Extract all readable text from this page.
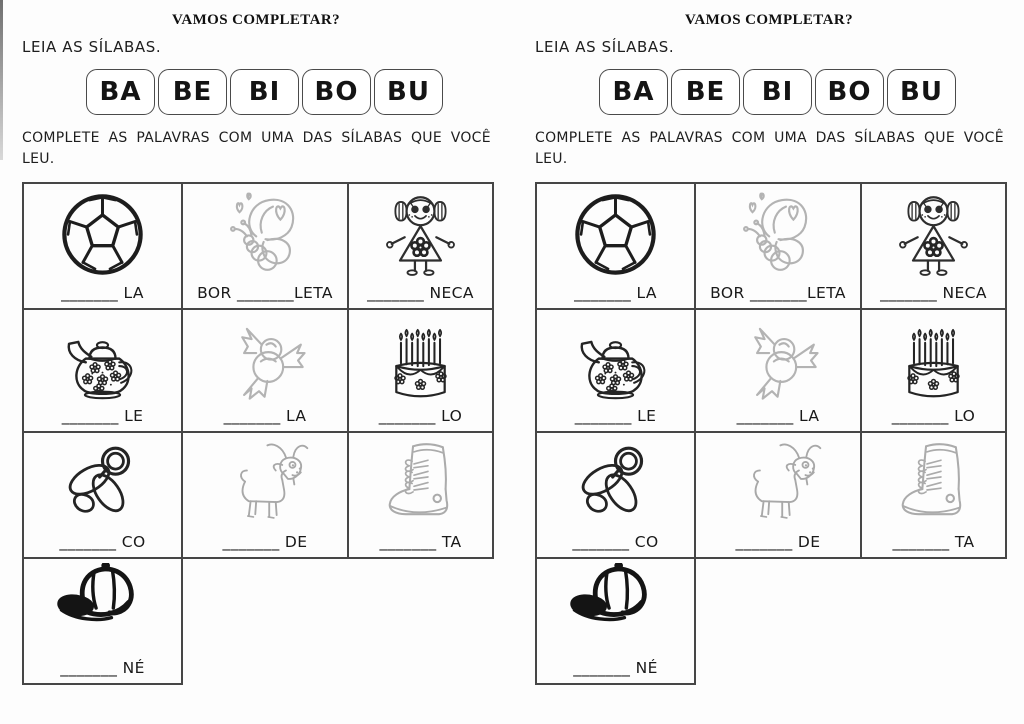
VAMOS COMPLETAR?
LEIA AS SÍLABAS.
BA	BE	BI	BO	BU
COMPLETE AS PALAVRAS COM UMA DAS SÍLABAS QUE VOCÊ
LEU.
_______ LA	BOR _______LETA _______ NECA
_______ LE	_______ LA	_______ LO
_______ CO	_______ DE	_______ TA
_______ NÉ
VAMOS COMPLETAR?
LEIA AS SÍLABAS.
BA	BE	BI	BO	BU
COMPLETE AS PALAVRAS COM UMA DAS SÍLABAS QUE VOCÊ
LEU.
_______ LA	BOR _______LETA _______ NECA
_______ LE	_______ LA	_______ LO
_______ CO	_______ DE	_______ TA
_______ NÉ
